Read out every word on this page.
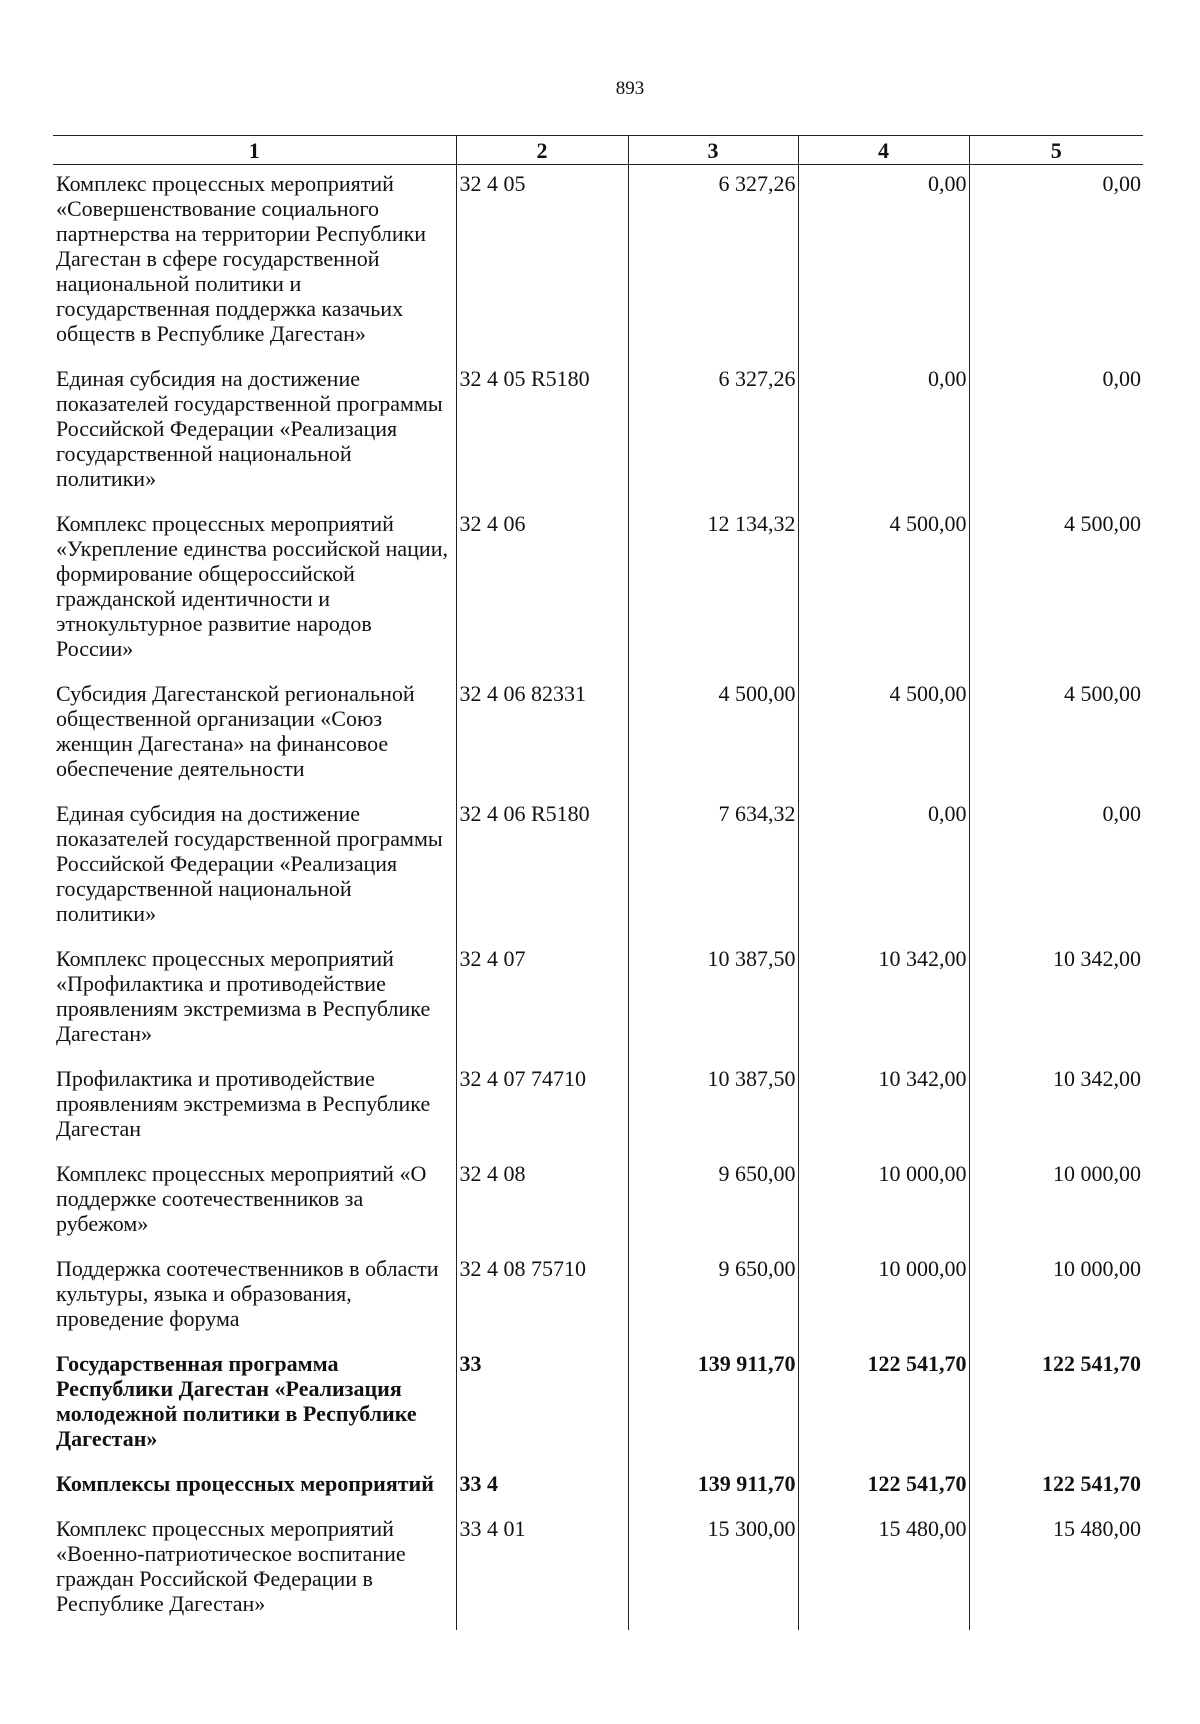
893
1	2	3	4	5
Комплекс процессных мероприятий «Совершенствование социального партнерства на территории Республики Дагестан в сфере государственной национальной политики и государственная поддержка казачьих обществ в Республике Дагестан»	32 4 05	6 327,26	0,00	0,00
Единая субсидия на достижение показателей государственной программы Российской Федерации «Реализация государственной национальной политики»	32 4 05 R5180	6 327,26	0,00	0,00
Комплекс процессных мероприятий «Укрепление единства российской нации, формирование общероссийской гражданской идентичности и этнокультурное развитие народов России»	32 4 06	12 134,32	4 500,00	4 500,00
Субсидия Дагестанской региональной общественной организации «Союз женщин Дагестана» на финансовое обеспечение деятельности	32 4 06 82331	4 500,00	4 500,00	4 500,00
Единая субсидия на достижение показателей государственной программы Российской Федерации «Реализация государственной национальной политики»	32 4 06 R5180	7 634,32	0,00	0,00
Комплекс процессных мероприятий «Профилактика и противодействие проявлениям экстремизма в Республике Дагестан»	32 4 07	10 387,50	10 342,00	10 342,00
Профилактика и противодействие проявлениям экстремизма в Республике Дагестан	32 4 07 74710	10 387,50	10 342,00	10 342,00
Комплекс процессных мероприятий «О поддержке соотечественников за рубежом»	32 4 08	9 650,00	10 000,00	10 000,00
Поддержка соотечественников в области культуры, языка и образования, проведение форума	32 4 08 75710	9 650,00	10 000,00	10 000,00
Государственная программа Республики Дагестан «Реализация молодежной политики в Республике Дагестан»	33	139 911,70	122 541,70	122 541,70
Комплексы процессных мероприятий	33 4	139 911,70	122 541,70	122 541,70
Комплекс процессных мероприятий «Военно-патриотическое воспитание граждан Российской Федерации в Республике Дагестан»	33 4 01	15 300,00	15 480,00	15 480,00
